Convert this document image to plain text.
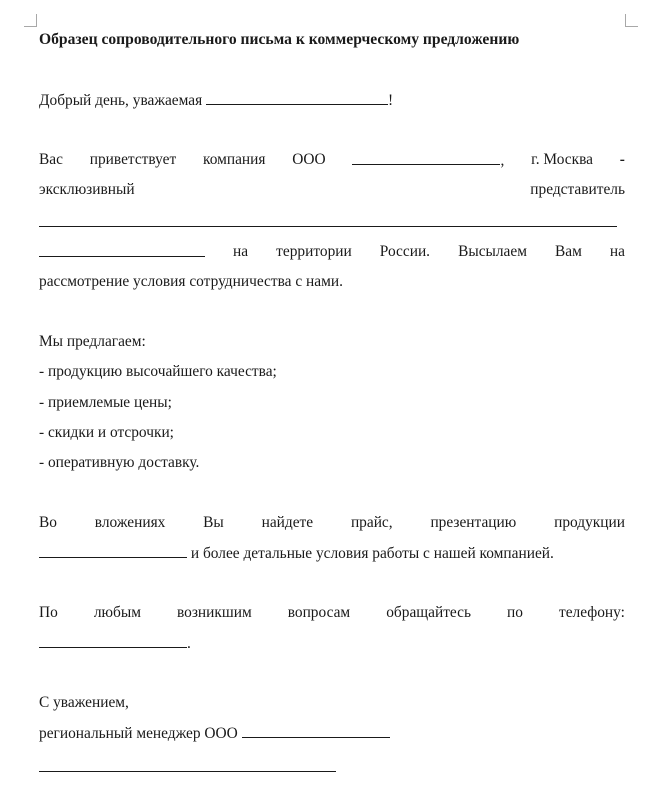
Образец сопроводительного письма к коммерческому предложению
Добрый день, уважаемая	!
Вас приветствует компания ООО	, г. Москва -
эксклюзивный	представитель
на территории России. Высылаем Вам на
рассмотрение условия сотрудничества с нами.
Мы предлагаем:
- продукцию высочайшего качества;
- приемлемые цены;
- скидки и отсрочки;
- оперативную доставку.
Во вложениях Вы найдете прайс, презентацию продукции
и более детальные условия работы с нашей компанией.
По любым возникшим вопросам обращайтесь по телефону:
.
С уважением,
региональный менеджер ООО
